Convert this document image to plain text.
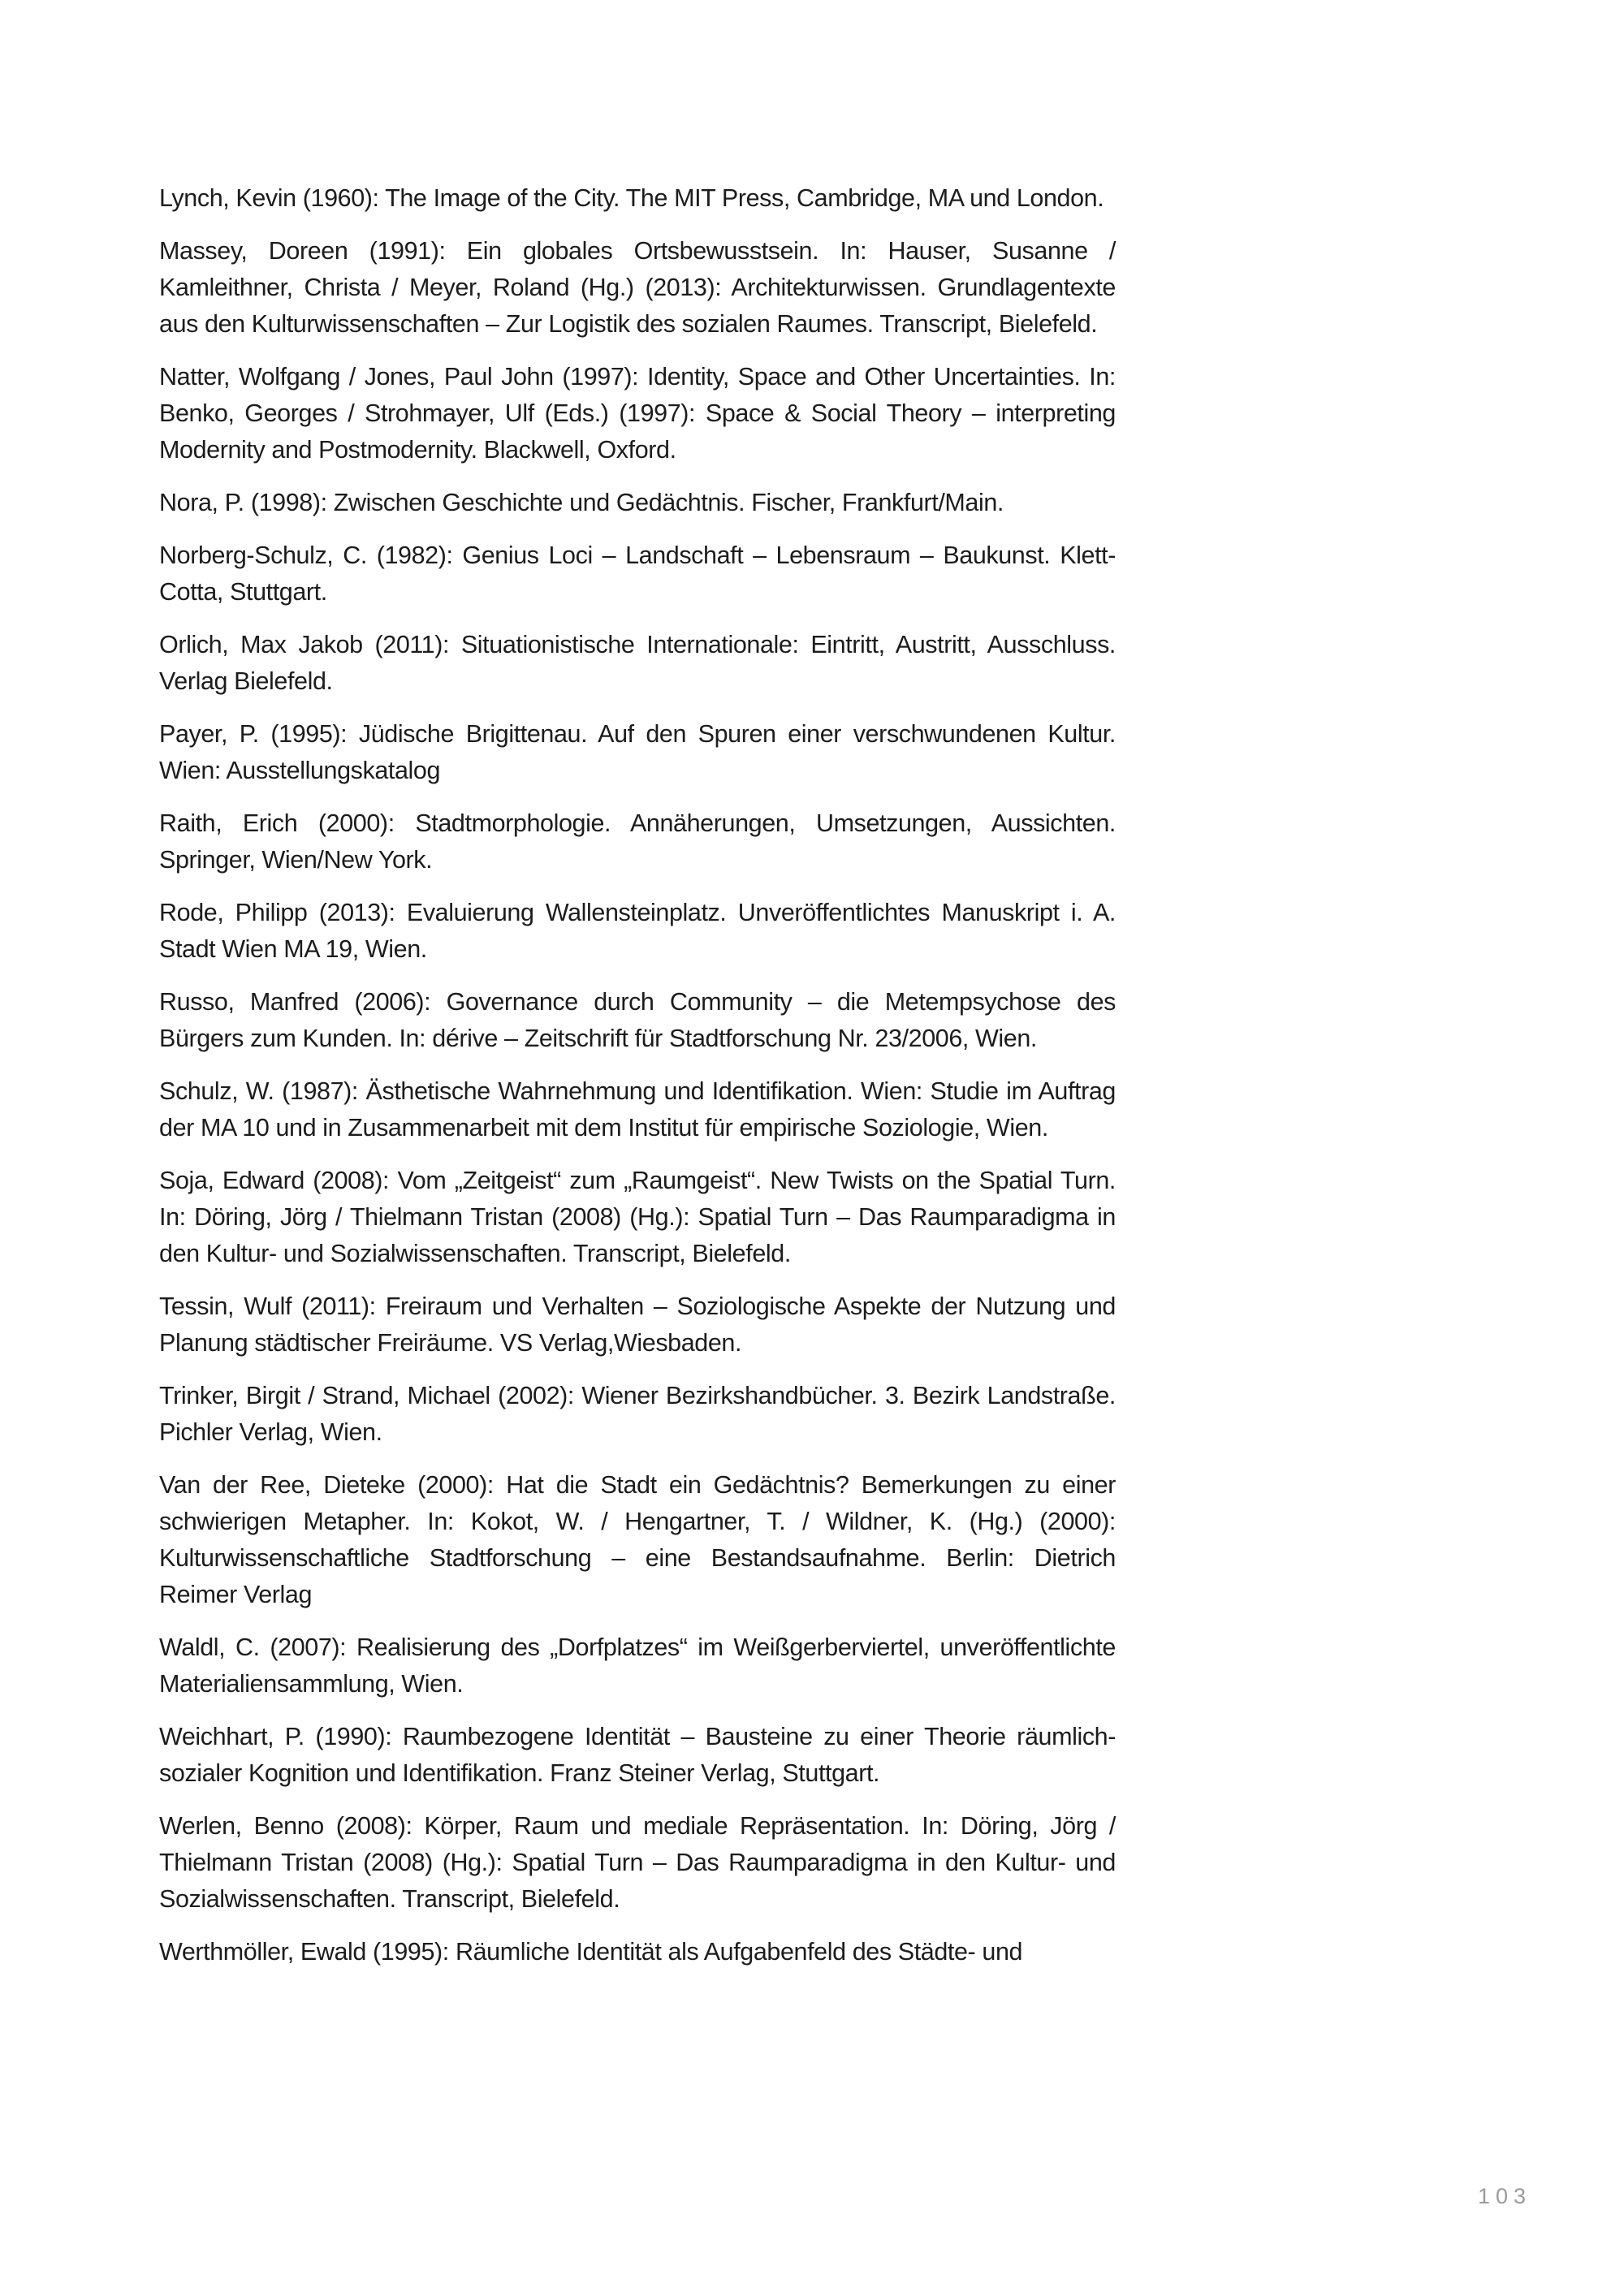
Lynch, Kevin (1960): The Image of the City. The MIT Press, Cambridge, MA und London.
Massey, Doreen (1991): Ein globales Ortsbewusstsein. In: Hauser, Susanne / Kamleithner, Christa / Meyer, Roland (Hg.) (2013): Architekturwissen. Grundlagentexte aus den Kulturwissenschaften – Zur Logistik des sozialen Raumes. Transcript, Bielefeld.
Natter, Wolfgang / Jones, Paul John (1997): Identity, Space and Other Uncertainties. In: Benko, Georges / Strohmayer, Ulf (Eds.) (1997): Space & Social Theory – interpreting Modernity and Postmodernity. Blackwell, Oxford.
Nora, P. (1998): Zwischen Geschichte und Gedächtnis. Fischer, Frankfurt/Main.
Norberg-Schulz, C. (1982): Genius Loci – Landschaft – Lebensraum – Baukunst. Klett-Cotta, Stuttgart.
Orlich, Max Jakob (2011): Situationistische Internationale: Eintritt, Austritt, Ausschluss. Verlag Bielefeld.
Payer, P. (1995): Jüdische Brigittenau. Auf den Spuren einer verschwundenen Kultur. Wien: Ausstellungskatalog
Raith, Erich (2000): Stadtmorphologie. Annäherungen, Umsetzungen, Aussichten. Springer, Wien/New York.
Rode, Philipp (2013): Evaluierung Wallensteinplatz. Unveröffentlichtes Manuskript i. A. Stadt Wien MA 19, Wien.
Russo, Manfred (2006): Governance durch Community – die Metempsychose des Bürgers zum Kunden. In: dérive – Zeitschrift für Stadtforschung Nr. 23/2006, Wien.
Schulz, W. (1987): Ästhetische Wahrnehmung und Identifikation. Wien: Studie im Auftrag der MA 10 und in Zusammenarbeit mit dem Institut für empirische Soziologie, Wien.
Soja, Edward (2008): Vom „Zeitgeist“ zum „Raumgeist“. New Twists on the Spatial Turn. In: Döring, Jörg / Thielmann Tristan (2008) (Hg.): Spatial Turn – Das Raumparadigma in den Kultur- und Sozialwissenschaften. Transcript, Bielefeld.
Tessin, Wulf (2011): Freiraum und Verhalten – Soziologische Aspekte der Nutzung und Planung städtischer Freiräume. VS Verlag,Wiesbaden.
Trinker, Birgit / Strand, Michael (2002): Wiener Bezirkshandbücher. 3. Bezirk Landstraße. Pichler Verlag, Wien.
Van der Ree, Dieteke (2000): Hat die Stadt ein Gedächtnis? Bemerkungen zu einer schwierigen Metapher. In: Kokot, W. / Hengartner, T. / Wildner, K. (Hg.) (2000): Kulturwissenschaftliche Stadtforschung – eine Bestandsaufnahme. Berlin: Dietrich Reimer Verlag
Waldl, C. (2007): Realisierung des „Dorfplatzes“ im Weißgerberviertel, unveröffentlichte Materialiensammlung, Wien.
Weichhart, P. (1990): Raumbezogene Identität – Bausteine zu einer Theorie räumlich-sozialer Kognition und Identifikation. Franz Steiner Verlag, Stuttgart.
Werlen, Benno (2008): Körper, Raum und mediale Repräsentation. In: Döring, Jörg / Thielmann Tristan (2008) (Hg.): Spatial Turn – Das Raumparadigma in den Kultur- und Sozialwissenschaften. Transcript, Bielefeld.
Werthmöller, Ewald (1995): Räumliche Identität als Aufgabenfeld des Städte- und
103
